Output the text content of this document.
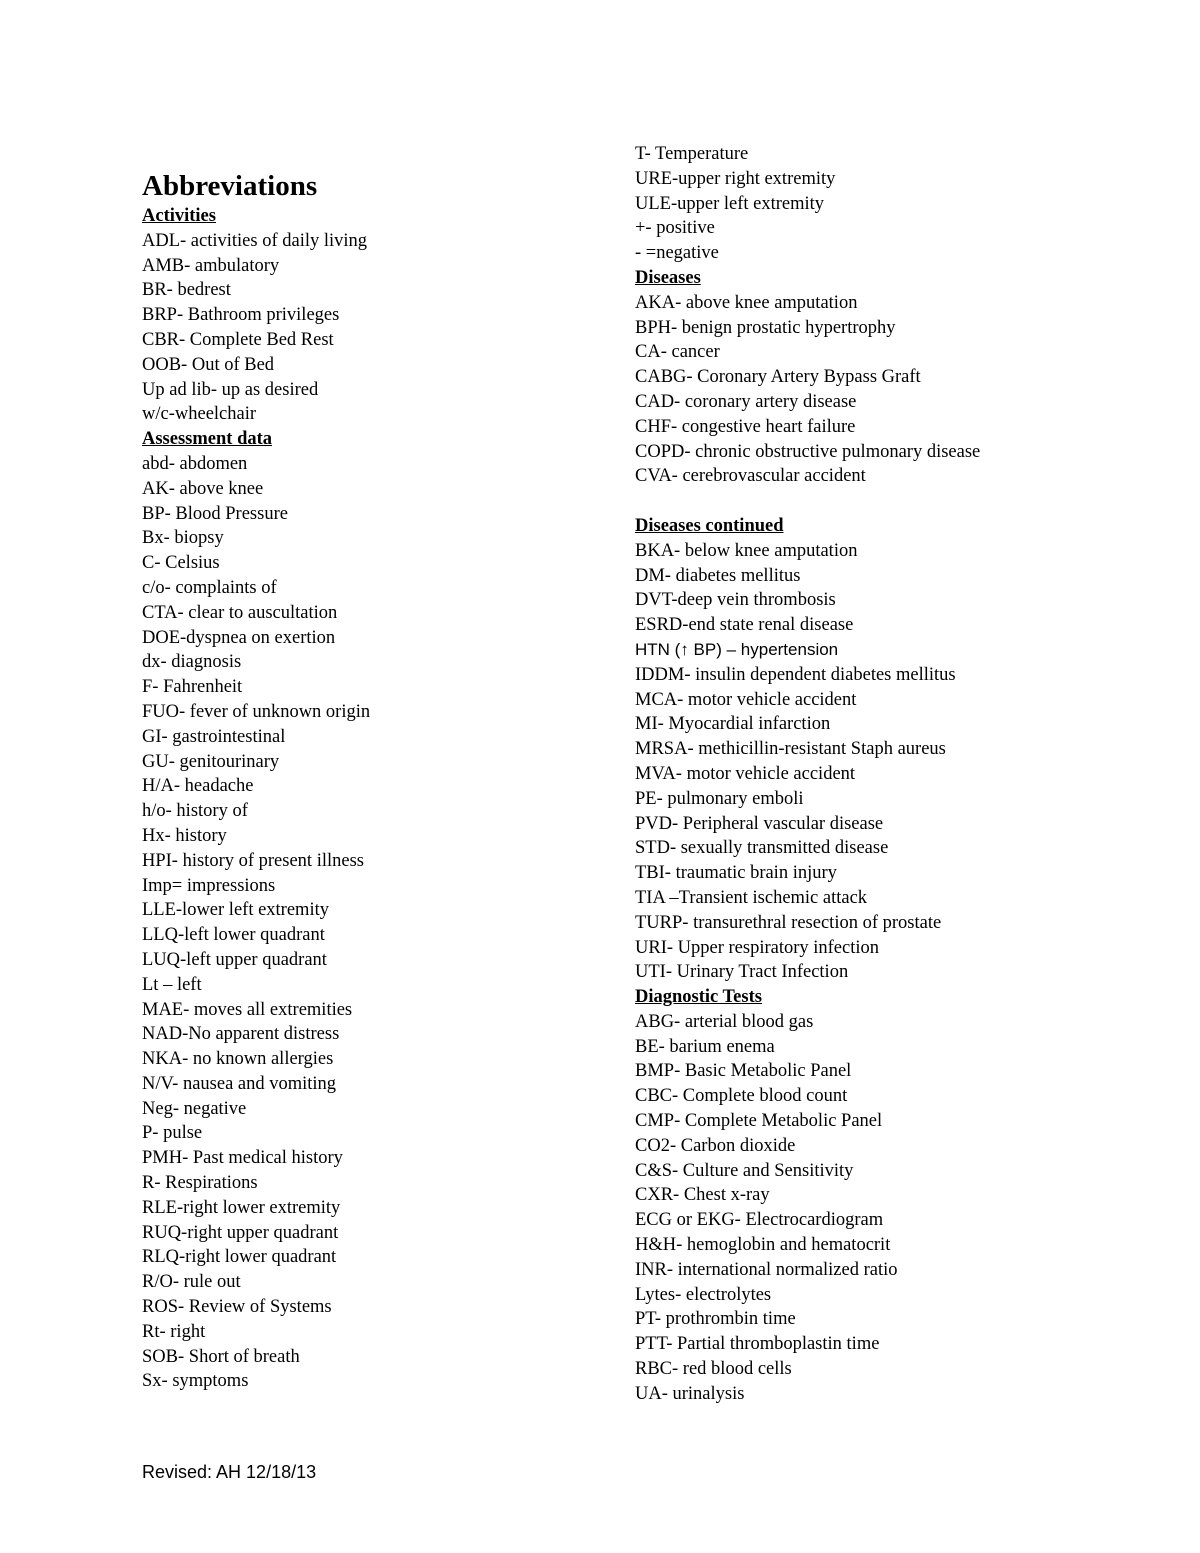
Abbreviations
Activities
ADL- activities of daily living
AMB- ambulatory
BR- bedrest
BRP- Bathroom privileges
CBR- Complete Bed Rest
OOB- Out of Bed
Up ad lib- up as desired
w/c-wheelchair
Assessment data
abd- abdomen
AK- above knee
BP- Blood Pressure
Bx- biopsy
C- Celsius
c/o- complaints of
CTA- clear to auscultation
DOE-dyspnea on exertion
dx- diagnosis
F- Fahrenheit
FUO- fever of unknown origin
GI- gastrointestinal
GU- genitourinary
H/A- headache
h/o- history of
Hx- history
HPI- history of present illness
Imp= impressions
LLE-lower left extremity
LLQ-left lower quadrant
LUQ-left upper quadrant
Lt – left
MAE- moves all extremities
NAD-No apparent distress
NKA- no known allergies
N/V- nausea and vomiting
Neg- negative
P- pulse
PMH- Past medical history
R- Respirations
RLE-right lower extremity
RUQ-right upper quadrant
RLQ-right lower quadrant
R/O- rule out
ROS- Review of Systems
Rt- right
SOB- Short of breath
Sx- symptoms
T- Temperature
URE-upper right extremity
ULE-upper left extremity
+- positive
- =negative
Diseases
AKA- above knee amputation
BPH- benign prostatic hypertrophy
CA- cancer
CABG- Coronary Artery Bypass Graft
CAD- coronary artery disease
CHF- congestive heart failure
COPD- chronic obstructive pulmonary disease
CVA- cerebrovascular accident
Diseases continued
BKA- below knee amputation
DM- diabetes mellitus
DVT-deep vein thrombosis
ESRD-end state renal disease
HTN (↑ BP) – hypertension
IDDM- insulin dependent diabetes mellitus
MCA- motor vehicle accident
MI- Myocardial infarction
MRSA- methicillin-resistant Staph aureus
MVA- motor vehicle accident
PE- pulmonary emboli
PVD- Peripheral vascular disease
STD- sexually transmitted disease
TBI- traumatic brain injury
TIA –Transient ischemic attack
TURP- transurethral resection of prostate
URI- Upper respiratory infection
UTI- Urinary Tract Infection
Diagnostic Tests
ABG- arterial blood gas
BE- barium enema
BMP- Basic Metabolic Panel
CBC- Complete blood count
CMP- Complete Metabolic Panel
CO2- Carbon dioxide
C&S- Culture and Sensitivity
CXR- Chest x-ray
ECG or EKG- Electrocardiogram
H&H- hemoglobin and hematocrit
INR- international normalized ratio
Lytes- electrolytes
PT- prothrombin time
PTT- Partial thromboplastin time
RBC- red blood cells
UA- urinalysis
Revised: AH 12/18/13
